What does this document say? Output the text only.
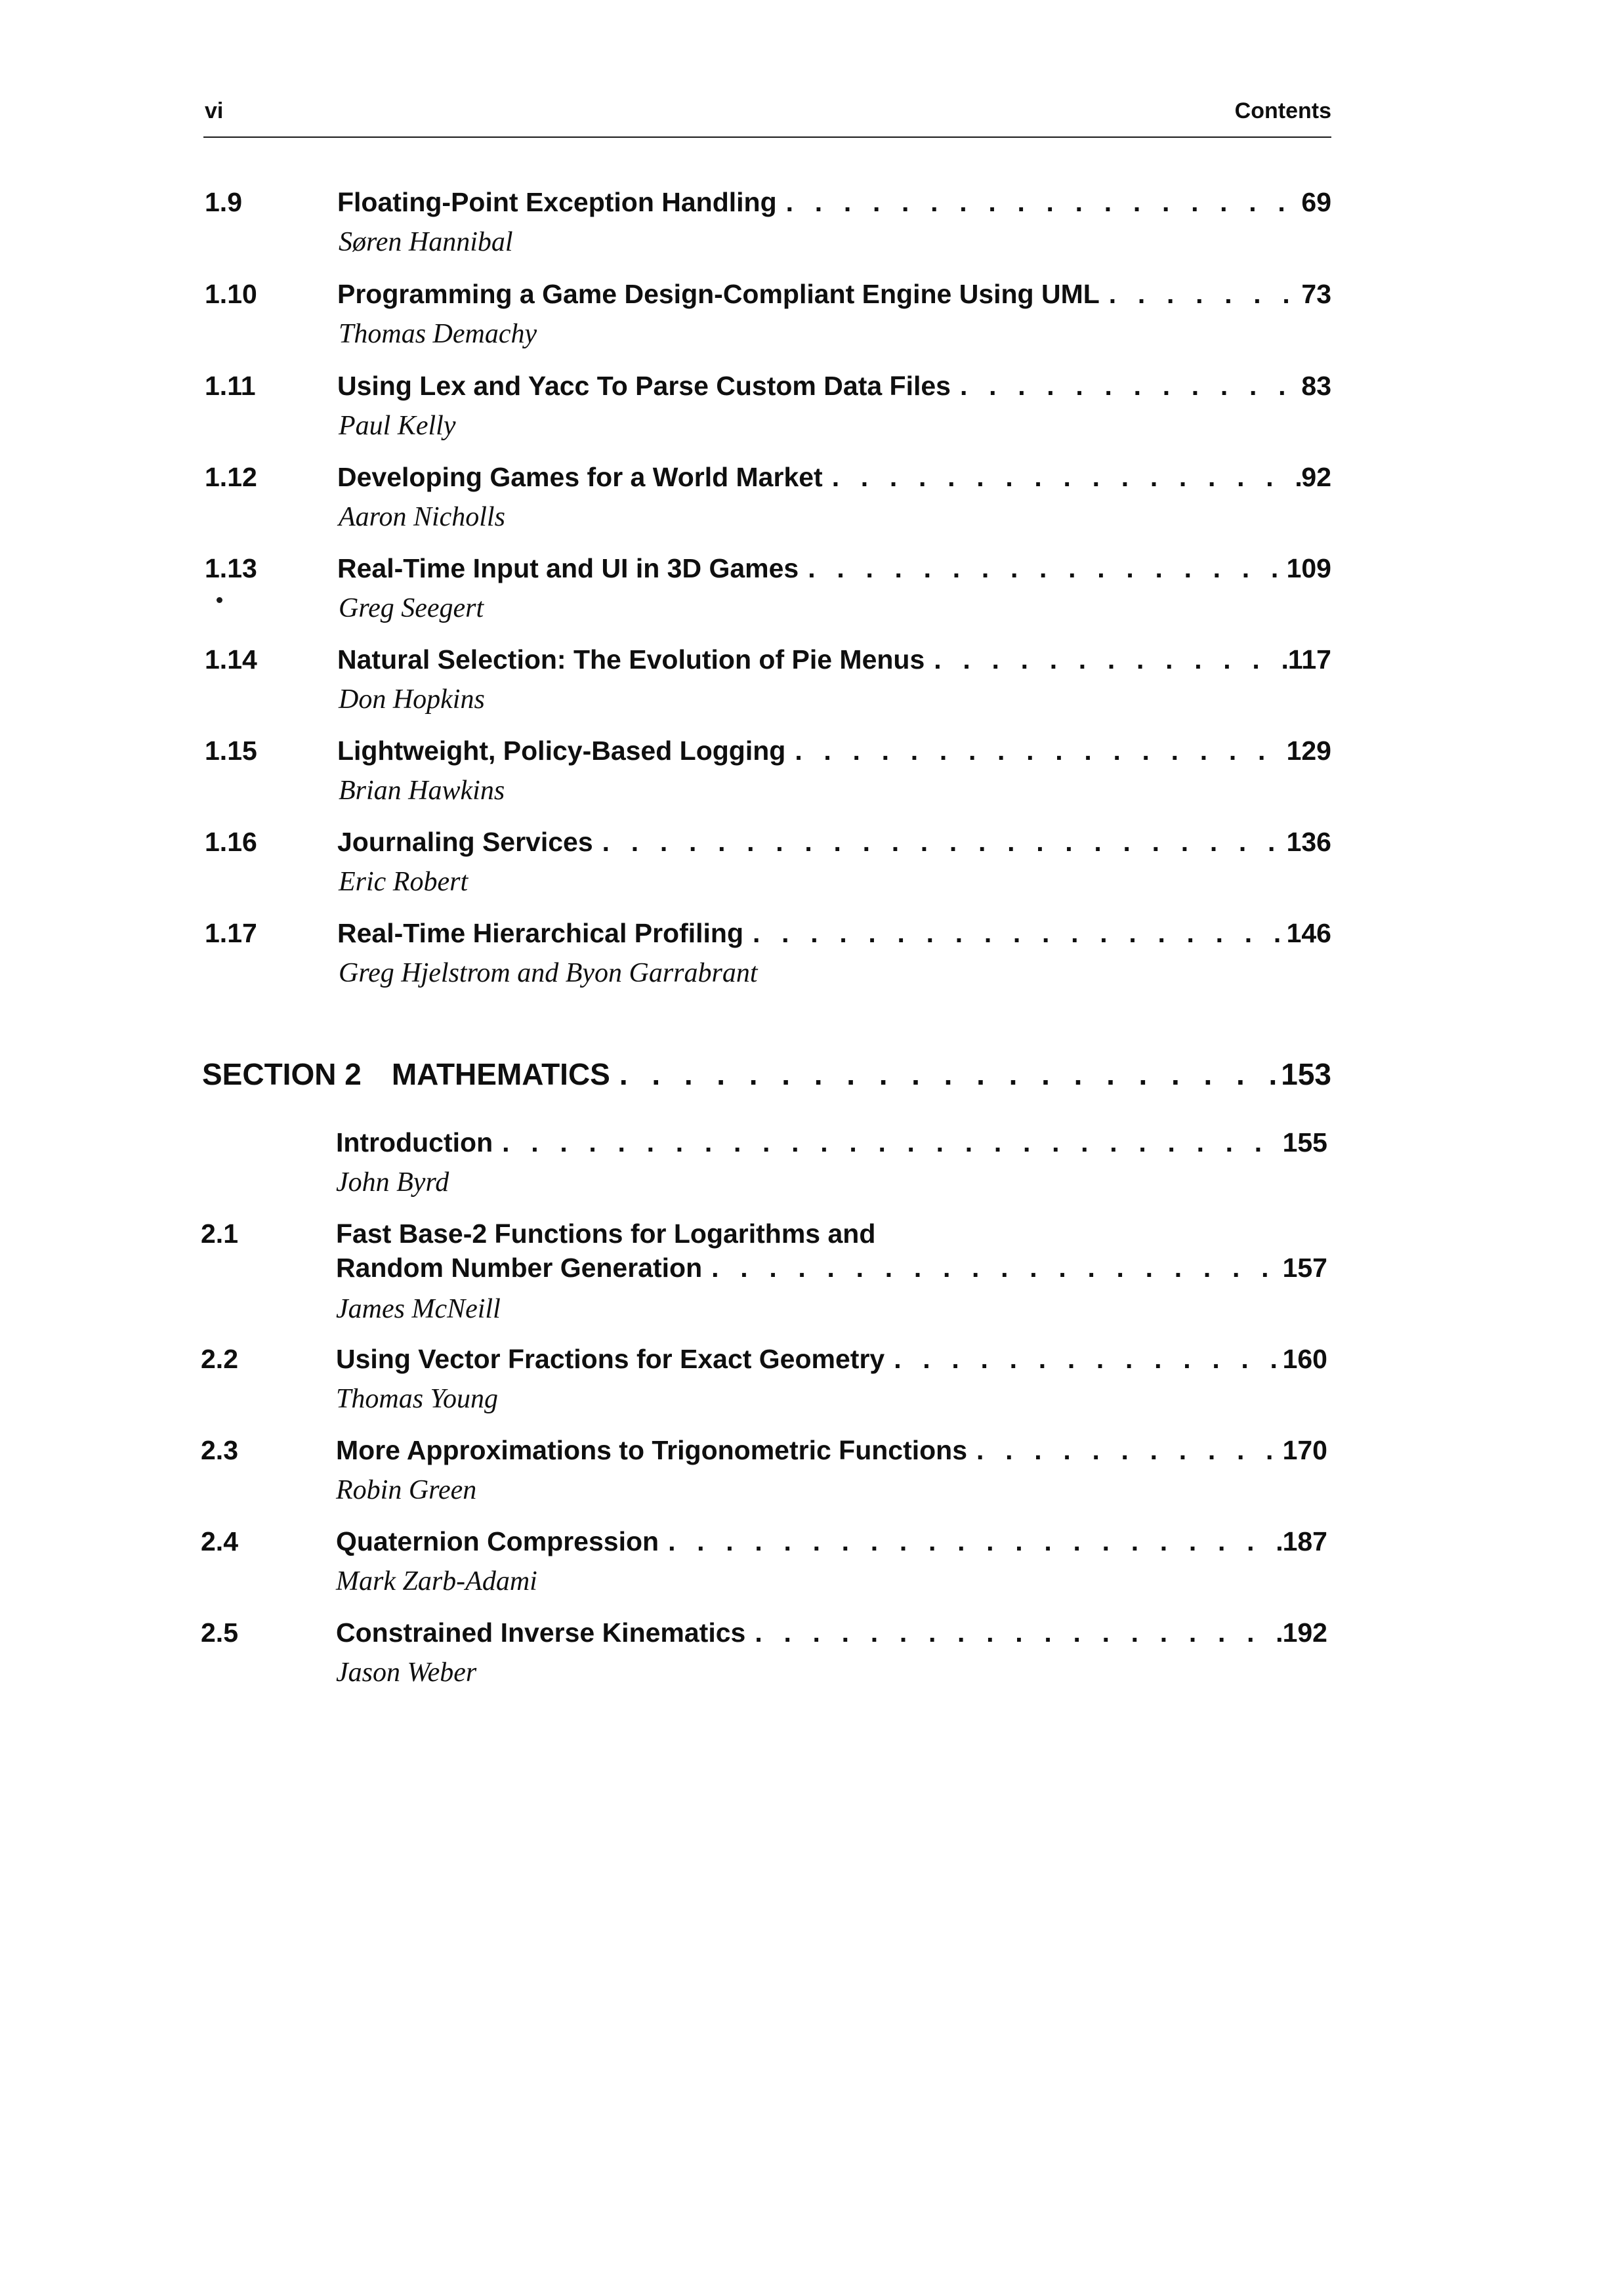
vi	Contents
1.9	Floating-Point Exception Handling . . .	69
Søren Hannibal
1.10	Programming a Game Design-Compliant Engine Using UML . . .	73
Thomas Demachy
1.11	Using Lex and Yacc To Parse Custom Data Files . . .	83
Paul Kelly
1.12	Developing Games for a World Market . . .	92
Aaron Nicholls
1.13	Real-Time Input and UI in 3D Games . . .	109
Greg Seegert
1.14	Natural Selection: The Evolution of Pie Menus . . .	117
Don Hopkins
1.15	Lightweight, Policy-Based Logging . . .	129
Brian Hawkins
1.16	Journaling Services . . .	136
Eric Robert
1.17	Real-Time Hierarchical Profiling . . .	146
Greg Hjelstrom and Byon Garrabrant
SECTION 2 MATHEMATICS . . .	153
Introduction . . .	155
John Byrd
2.1	Fast Base-2 Functions for Logarithms and
Random Number Generation . . .	157
James McNeill
2.2	Using Vector Fractions for Exact Geometry . . .	160
Thomas Young
2.3	More Approximations to Trigonometric Functions . . .	170
Robin Green
2.4	Quaternion Compression . . .	187
Mark Zarb-Adami
2.5	Constrained Inverse Kinematics . . .	192
Jason Weber
